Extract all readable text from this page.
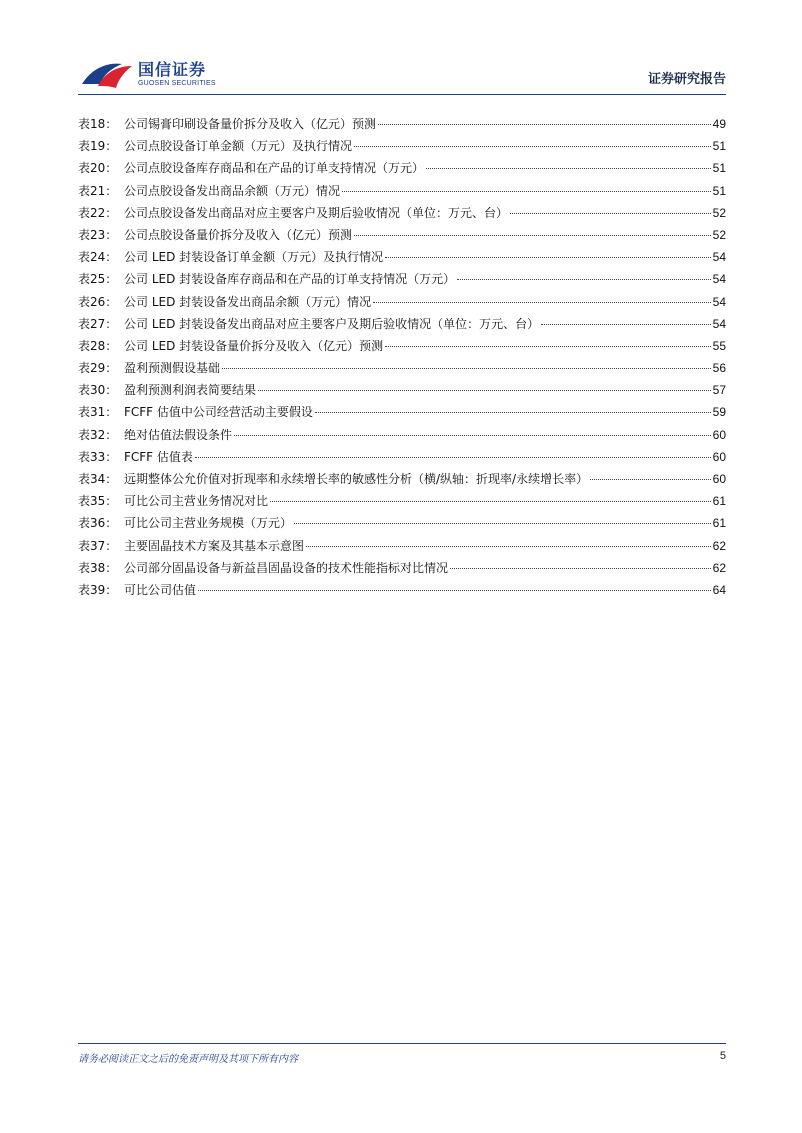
国信证券
GUOSEN SECURITIES	证券研究报告
表18： 公司锡膏印刷设备量价拆分及收入（亿元）预测	49
表19： 公司点胶设备订单金额（万元）及执行情况	51
表20： 公司点胶设备库存商品和在产品的订单支持情况（万元）	51
表21： 公司点胶设备发出商品余额（万元）情况	51
表22： 公司点胶设备发出商品对应主要客户及期后验收情况（单位：万元、台）	52
表23： 公司点胶设备量价拆分及收入（亿元）预测	52
表24： 公司 LED 封装设备订单金额（万元）及执行情况	54
表25： 公司 LED 封装设备库存商品和在产品的订单支持情况（万元）	54
表26： 公司 LED 封装设备发出商品余额（万元）情况	54
表27： 公司 LED 封装设备发出商品对应主要客户及期后验收情况（单位：万元、台）	54
表28： 公司 LED 封装设备量价拆分及收入（亿元）预测	55
表29： 盈利预测假设基础	56
表30： 盈利预测利润表简要结果	57
表31： FCFF 估值中公司经营活动主要假设	59
表32： 绝对估值法假设条件	60
表33： FCFF 估值表	60
表34： 远期整体公允价值对折现率和永续增长率的敏感性分析（横/纵轴：折现率/永续增长率）	60
表35： 可比公司主营业务情况对比	61
表36： 可比公司主营业务规模（万元）	61
表37： 主要固晶技术方案及其基本示意图	62
表38： 公司部分固晶设备与新益昌固晶设备的技术性能指标对比情况	62
表39： 可比公司估值	64
请务必阅读正文之后的免责声明及其项下所有内容	5
